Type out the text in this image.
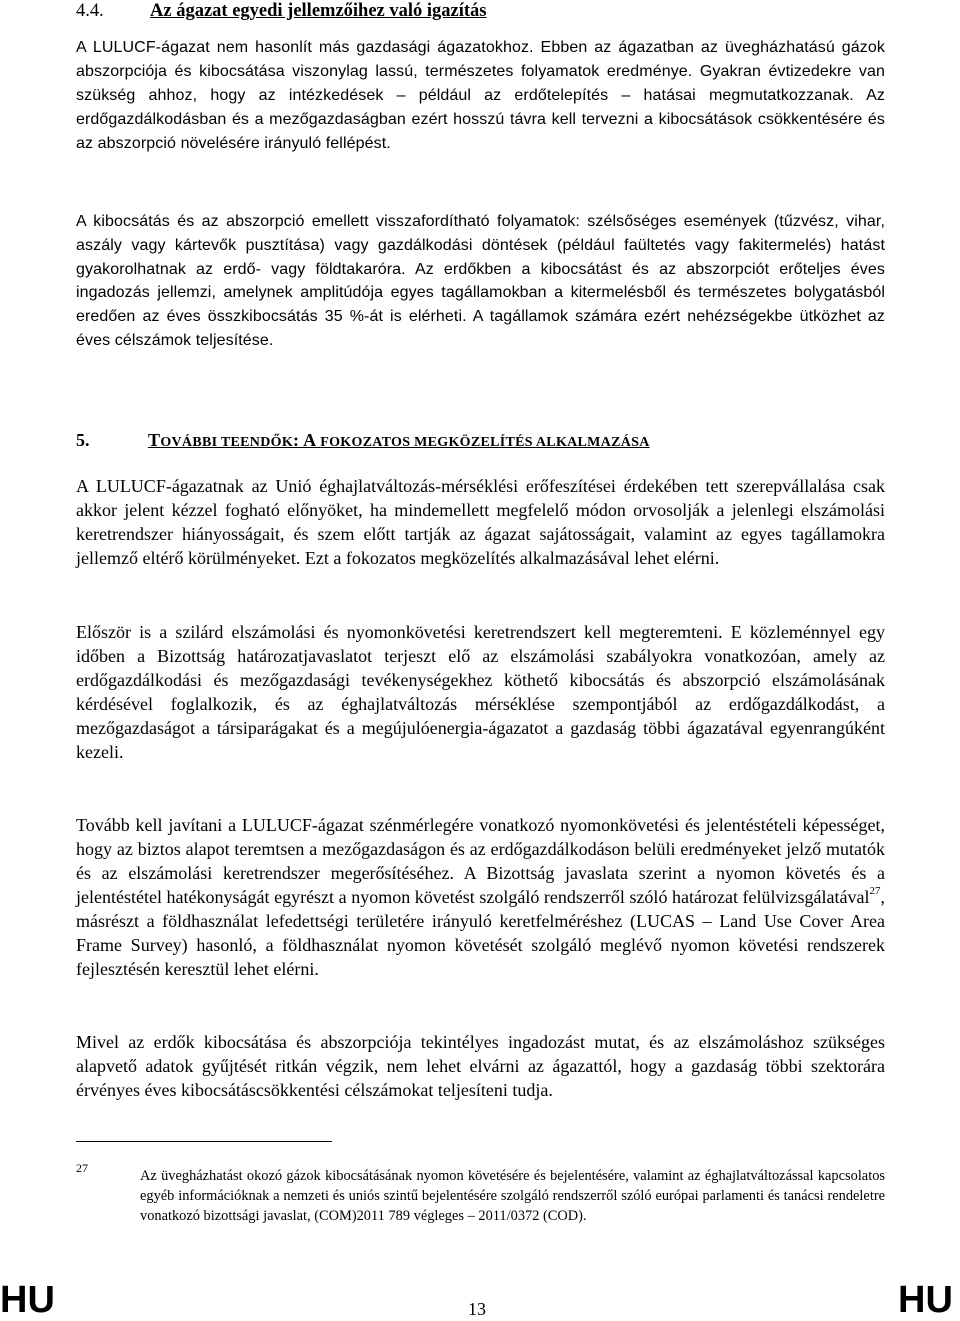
4.4.	Az ágazat egyedi jellemzőihez való igazítás

A LULUCF-ágazat nem hasonlít más gazdasági ágazatokhoz. Ebben az ágazatban az üvegházhatású gázok abszorpciója és kibocsátása viszonylag lassú, természetes folyamatok eredménye. Gyakran évtizedekre van szükség ahhoz, hogy az intézkedések – például az erdőtelepítés – hatásai megmutatkozzanak. Az erdőgazdálkodásban és a mezőgazdaságban ezért hosszú távra kell tervezni a kibocsátások csökkentésére és az abszorpció növelésére irányuló fellépést.

A kibocsátás és az abszorpció emellett visszafordítható folyamatok: szélsőséges események (tűzvész, vihar, aszály vagy kártevők pusztítása) vagy gazdálkodási döntések (például faültetés vagy fakitermelés) hatást gyakorolhatnak az erdő- vagy földtakaróra. Az erdőkben a kibocsátást és az abszorpciót erőteljes éves ingadozás jellemzi, amelynek amplitúdója egyes tagállamokban a kitermelésből és természetes bolygatásból eredően az éves összkibocsátás 35 %-át is elérheti. A tagállamok számára ezért nehézségekbe ütközhet az éves célszámok teljesítése.

5.	TOVÁBBI TEENDŐK: A FOKOZATOS MEGKÖZELÍTÉS ALKALMAZÁSA

A LULUCF-ágazatnak az Unió éghajlatváltozás-mérséklési erőfeszítései érdekében tett szerepvállalása csak akkor jelent kézzel fogható előnyöket, ha mindemellett megfelelő módon orvosolják a jelenlegi elszámolási keretrendszer hiányosságait, és szem előtt tartják az ágazat sajátosságait, valamint az egyes tagállamokra jellemző eltérő körülményeket. Ezt a fokozatos megközelítés alkalmazásával lehet elérni.

Először is a szilárd elszámolási és nyomonkövetési keretrendszert kell megteremteni. E közleménnyel egy időben a Bizottság határozatjavaslatot terjeszt elő az elszámolási szabályokra vonatkozóan, amely az erdőgazdálkodási és mezőgazdasági tevékenységekhez köthető kibocsátás és abszorpció elszámolásának kérdésével foglalkozik, és az éghajlatváltozás mérséklése szempontjából az erdőgazdálkodást, a mezőgazdaságot a társiparágakat és a megújulóenergia-ágazatot a gazdaság többi ágazatával egyenrangúként kezeli.

Tovább kell javítani a LULUCF-ágazat szénmérlegére vonatkozó nyomonkövetési és jelentéstételi képességet, hogy az biztos alapot teremtsen a mezőgazdaságon és az erdőgazdálkodáson belüli eredményeket jelző mutatók és az elszámolási keretrendszer megerősítéséhez. A Bizottság javaslata szerint a nyomon követés és a jelentéstétel hatékonyságát egyrészt a nyomon követést szolgáló rendszerről szóló határozat felülvizsgálatával$^{27}$, másrészt a földhasználat lefedettségi területére irányuló keretfelméréshez (LUCAS – Land Use Cover Area Frame Survey) hasonló, a földhasználat nyomon követését szolgáló meglévő nyomon követési rendszerek fejlesztésén keresztül lehet elérni.

Mivel az erdők kibocsátása és abszorpciója tekintélyes ingadozást mutat, és az elszámoláshoz szükséges alapvető adatok gyűjtését ritkán végzik, nem lehet elvárni az ágazattól, hogy a gazdaság többi szektorára érvényes éves kibocsátáscsökkentési célszámokat teljesíteni tudja.

27	Az üvegházhatást okozó gázok kibocsátásának nyomon követésére és bejelentésére, valamint az éghajlatváltozással kapcsolatos egyéb információknak a nemzeti és uniós szintű bejelentésére szolgáló rendszerről szóló európai parlamenti és tanácsi rendeletre vonatkozó bizottsági javaslat, (COM)2011 789 végleges – 2011/0372 (COD).

HU	13	HU
